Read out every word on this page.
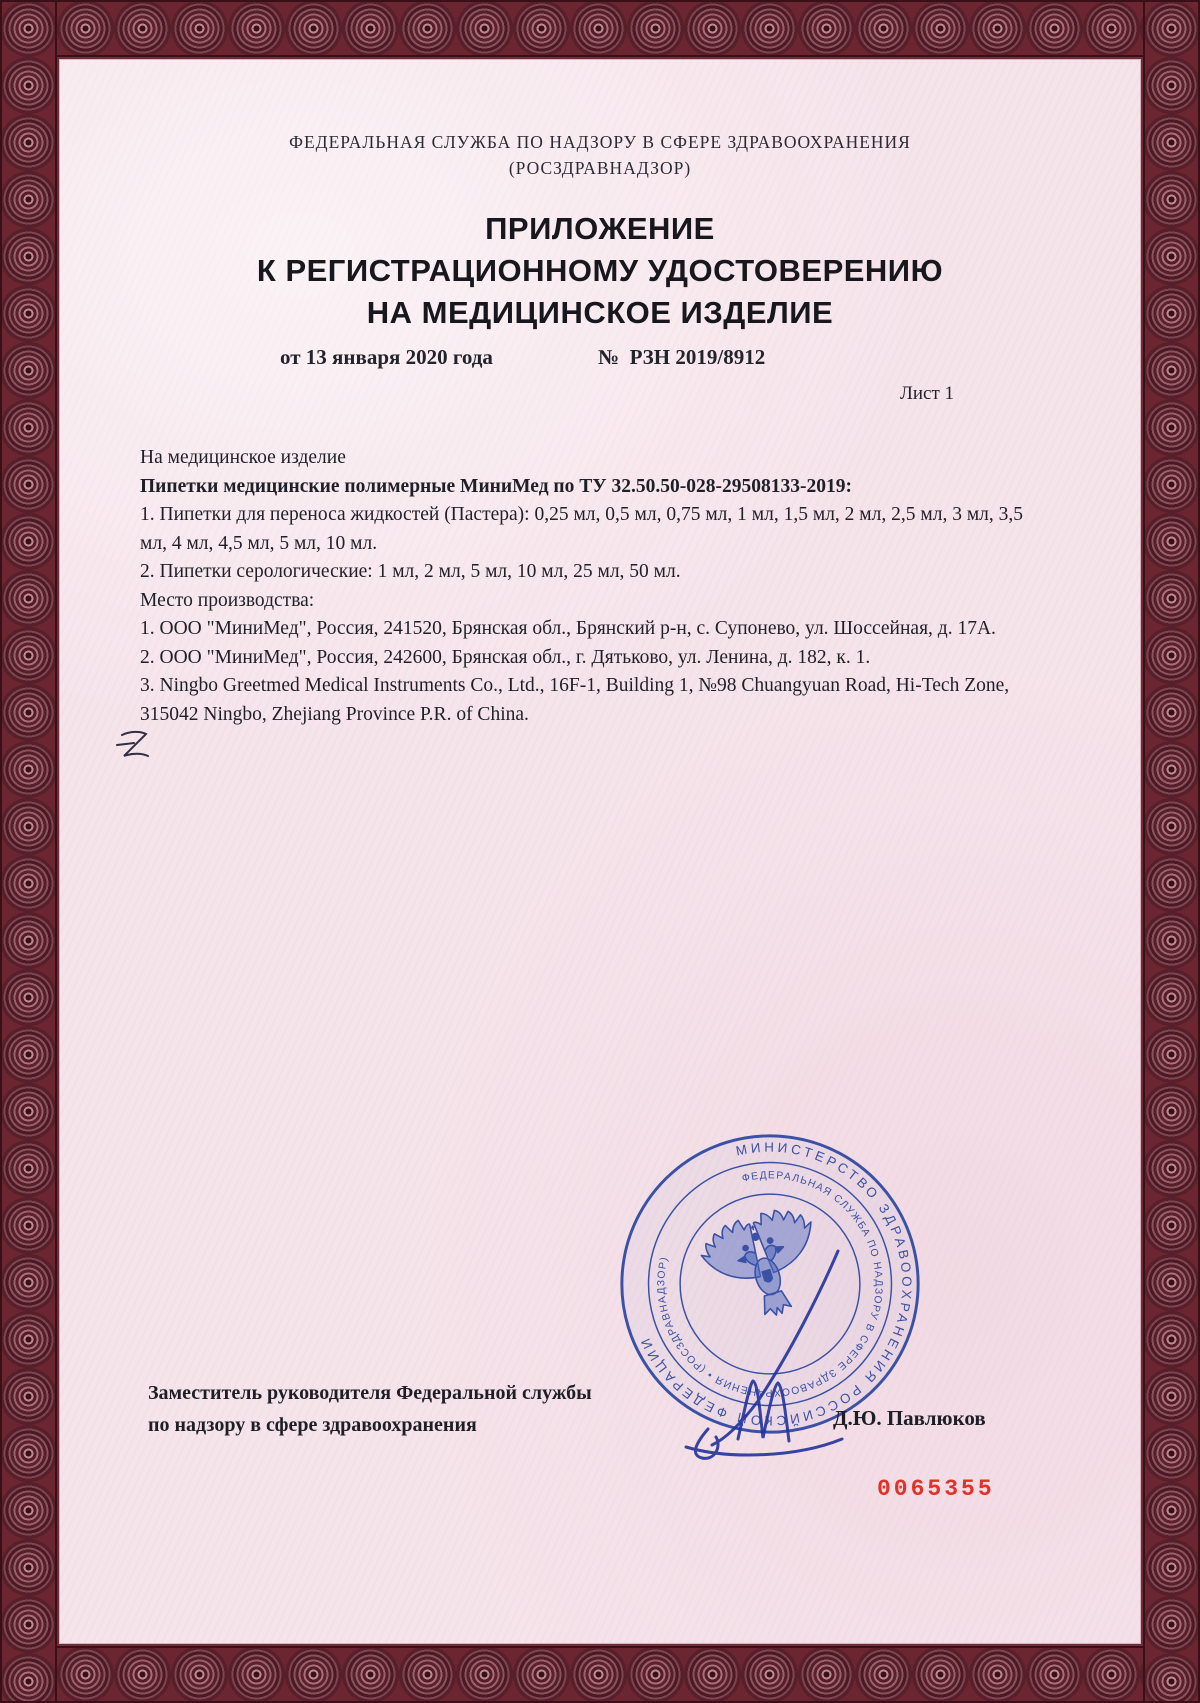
ФЕДЕРАЛЬНАЯ СЛУЖБА ПО НАДЗОРУ В СФЕРЕ ЗДРАВООХРАНЕНИЯ
(РОСЗДРАВНАДЗОР)
ПРИЛОЖЕНИЕ
К РЕГИСТРАЦИОННОМУ УДОСТОВЕРЕНИЮ
НА МЕДИЦИНСКОЕ ИЗДЕЛИЕ
от 13 января 2020 года	№  РЗН 2019/8912
Лист 1

На медицинское изделие

Пипетки медицинские полимерные МиниМед по ТУ 32.50.50-028-29508133-2019:

1. Пипетки для переноса жидкостей (Пастера): 0,25 мл, 0,5 мл, 0,75 мл, 1 мл, 1,5 мл, 2 мл, 2,5 мл, 3 мл, 3,5 мл, 4 мл, 4,5 мл, 5 мл, 10 мл.

2. Пипетки серологические: 1 мл, 2 мл, 5 мл, 10 мл, 25 мл, 50 мл.

Место производства:

1. ООО "МиниМед", Россия, 241520, Брянская обл., Брянский р-н, с. Супонево, ул. Шоссейная, д. 17А.

2. ООО "МиниМед", Россия, 242600, Брянская обл., г. Дятьково, ул. Ленина, д. 182, к. 1.

3. Ningbo Greetmed Medical Instruments Co., Ltd., 16F-1, Building 1, №98 Chuangyuan Road, Hi-Tech Zone, 315042 Ningbo, Zhejiang Province P.R. of China.

МИНИСТЕРСТВО ЗДРАВООХРАНЕНИЯ РОССИЙСКОЙ ФЕДЕРАЦИИ
ФЕДЕРАЛЬНАЯ СЛУЖБА ПО НАДЗОРУ В СФЕРЕ ЗДРАВООХРАНЕНИЯ • (РОСЗДРАВНАДЗОР)
Заместитель руководителя Федеральной службы
по надзору в сфере здравоохранения	Д.Ю. Павлюков
0065355
